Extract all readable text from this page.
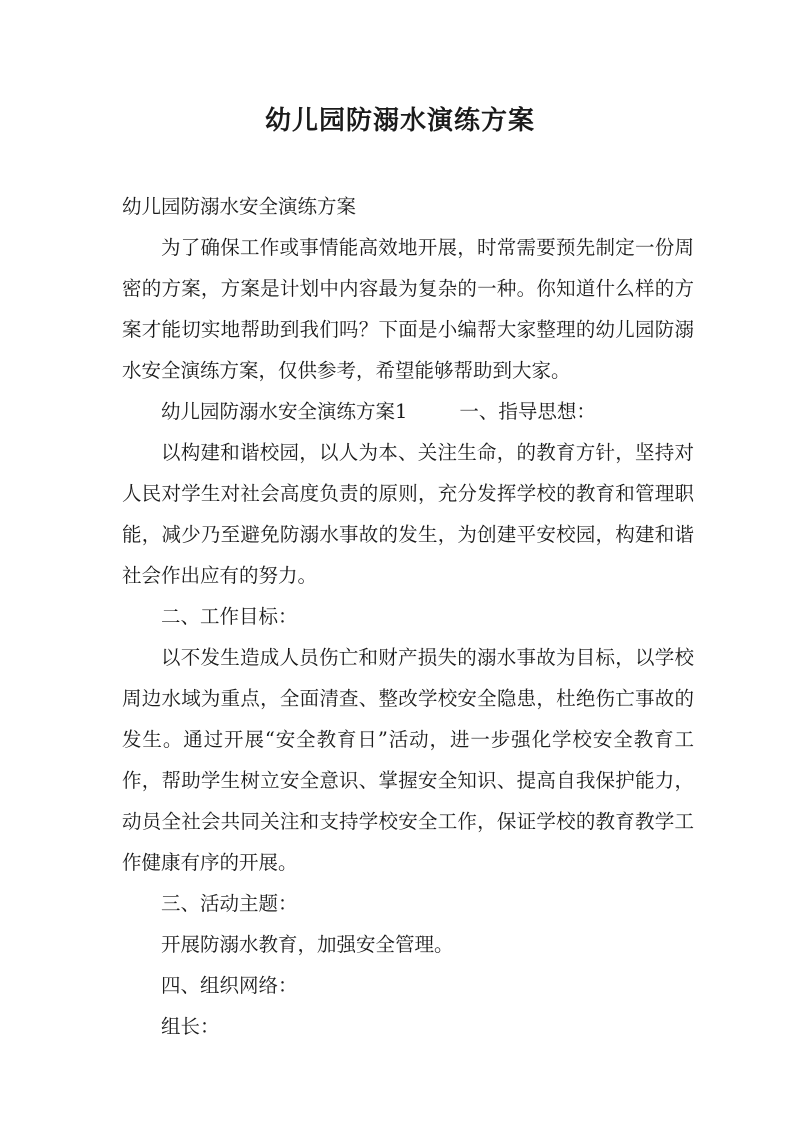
幼儿园防溺水演练方案

幼儿园防溺水安全演练方案

为了确保工作或事情能高效地开展，时常需要预先制定一份周密的方案，方案是计划中内容最为复杂的一种。你知道什么样的方案才能切实地帮助到我们吗？下面是小编帮大家整理的幼儿园防溺水安全演练方案，仅供参考，希望能够帮助到大家。

幼儿园防溺水安全演练方案1	一、指导思想：

以构建和谐校园，以人为本、关注生命，的教育方针，坚持对人民对学生对社会高度负责的原则，充分发挥学校的教育和管理职能，减少乃至避免防溺水事故的发生，为创建平安校园，构建和谐社会作出应有的努力。

二、工作目标：

以不发生造成人员伤亡和财产损失的溺水事故为目标，以学校周边水域为重点，全面清查、整改学校安全隐患，杜绝伤亡事故的发生。通过开展“安全教育日”活动，进一步强化学校安全教育工作，帮助学生树立安全意识、掌握安全知识、提高自我保护能力，动员全社会共同关注和支持学校安全工作，保证学校的教育教学工作健康有序的开展。

三、活动主题：

开展防溺水教育，加强安全管理。

四、组织网络：

组长：
